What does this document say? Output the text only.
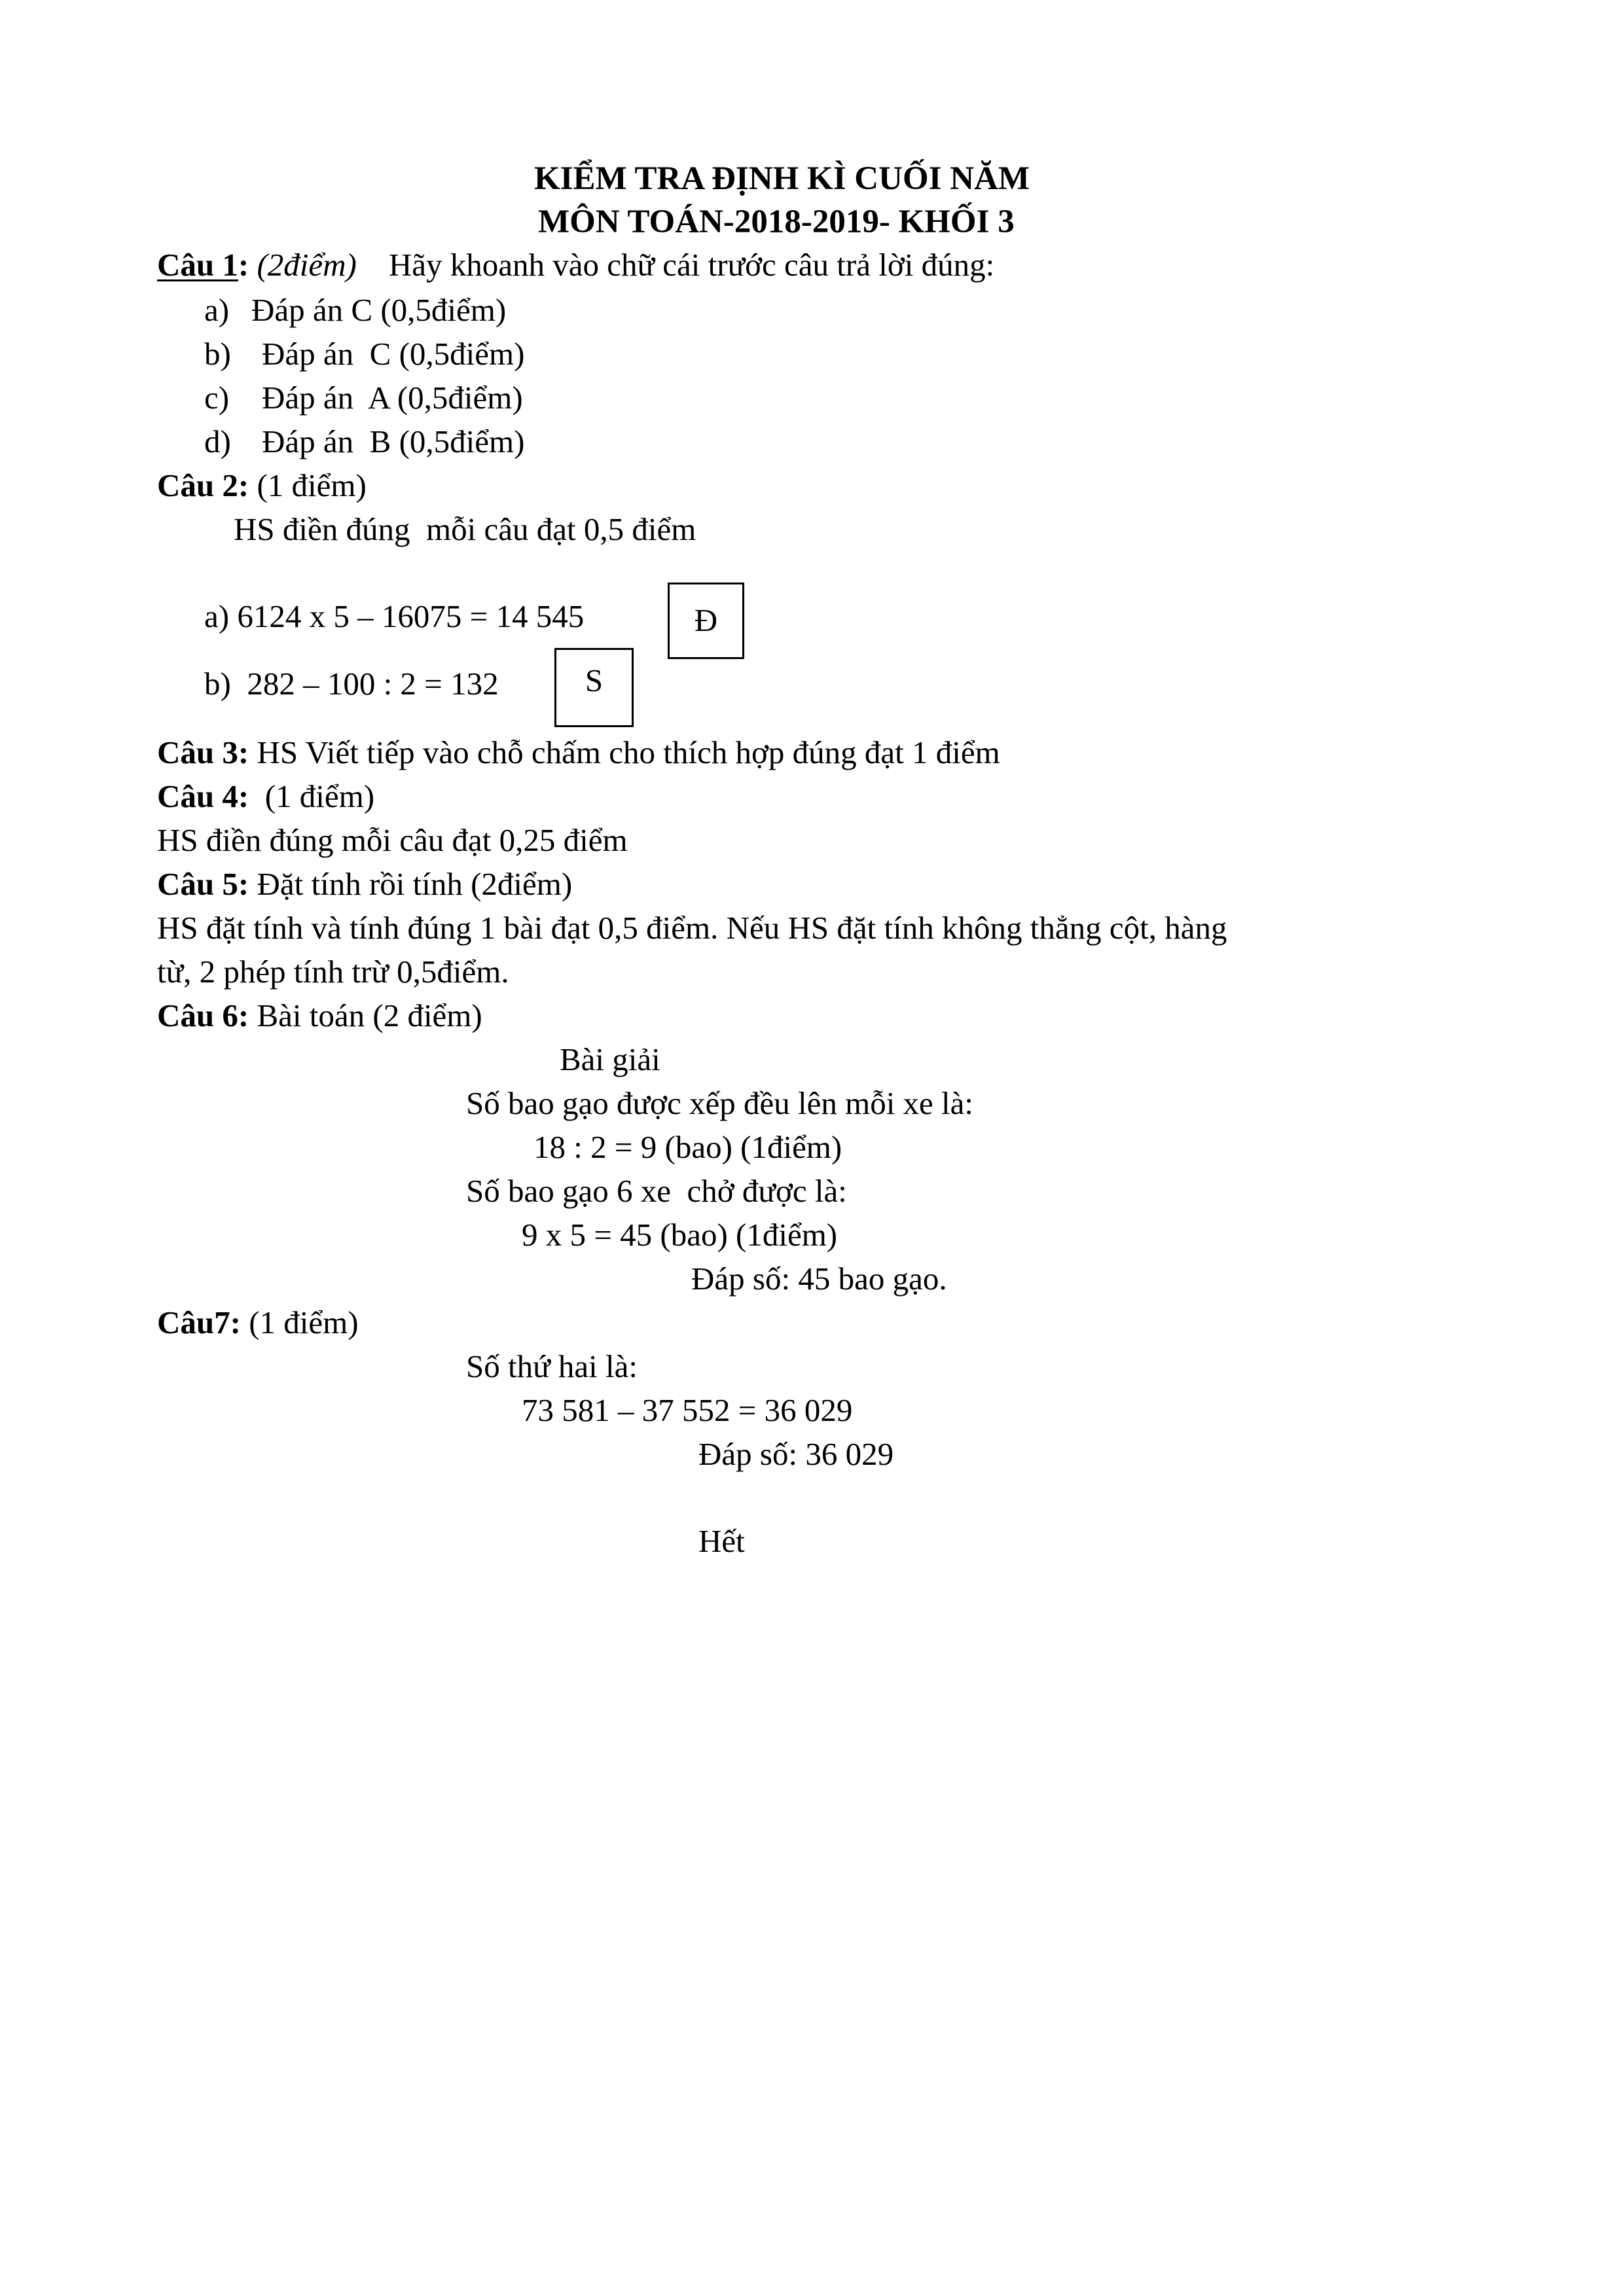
KIỂM TRA ĐỊNH KÌ CUỐI NĂM
MÔN TOÁN-2018-2019- KHỐI 3
Câu 1: (2điểm) Hãy khoanh vào chữ cái trước câu trả lời đúng:
a) Đáp án C (0,5điểm)
b) Đáp án  C (0,5điểm)
c) Đáp án  A (0,5điểm)
d) Đáp án  B (0,5điểm)
Câu 2: (1 điểm)
HS điền đúng  mỗi câu đạt 0,5 điểm
a) 6124 x 5 – 16075 = 14 545	Đ
b)  282 – 100 : 2 = 132	S
Câu 3: HS Viết tiếp vào chỗ chấm cho thích hợp đúng đạt 1 điểm
Câu 4: (1 điểm)
HS điền đúng mỗi câu đạt 0,25 điểm
Câu 5: Đặt tính rồi tính (2điểm)
HS đặt tính và tính đúng 1 bài đạt 0,5 điểm. Nếu HS đặt tính không thẳng cột, hàng
từ, 2 phép tính trừ 0,5điểm.
Câu 6: Bài toán (2 điểm)
Bài giải
Số bao gạo được xếp đều lên mỗi xe là:
18 : 2 = 9 (bao) (1điểm)
Số bao gạo 6 xe  chở được là:
9 x 5 = 45 (bao) (1điểm)
Đáp số: 45 bao gạo.
Câu7: (1 điểm)
Số thứ hai là:
73 581 – 37 552 = 36 029
Đáp số: 36 029
Hết
